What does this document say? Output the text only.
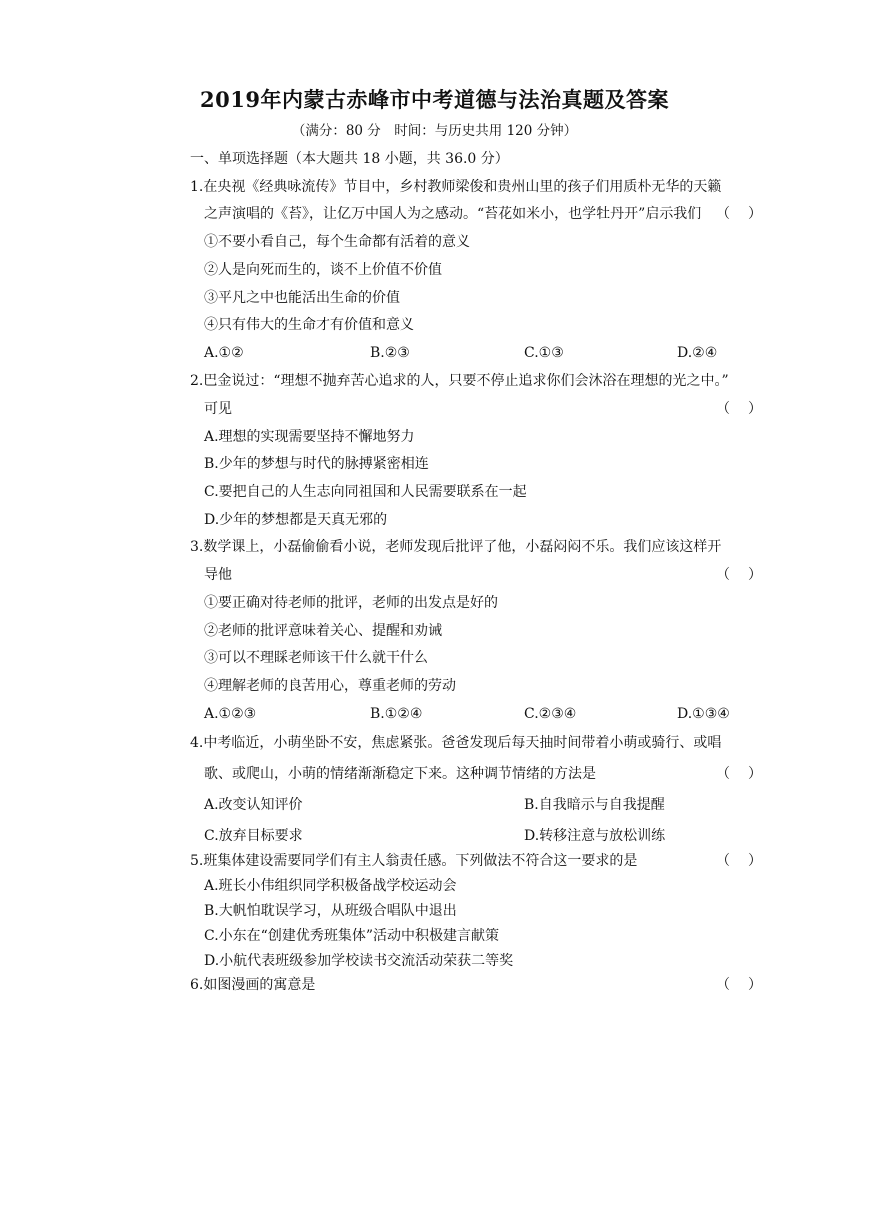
2019年内蒙古赤峰市中考道德与法治真题及答案
（满分：80 分　时间：与历史共用 120 分钟）
一、单项选择题（本大题共 18 小题，共 36.0 分）
1.在央视《经典咏流传》节目中，乡村教师梁俊和贵州山里的孩子们用质朴无华的天籁
之声演唱的《苔》，让亿万中国人为之感动。“苔花如米小，也学牡丹开”启示我们 （ ）
①不要小看自己，每个生命都有活着的意义
②人是向死而生的，谈不上价值不价值
③平凡之中也能活出生命的价值
④只有伟大的生命才有价值和意义
A.①②	B.②③	C.①③	D.②④
2.巴金说过：“理想不抛弃苦心追求的人，只要不停止追求你们会沐浴在理想的光之中。”
可见	（ ）
A.理想的实现需要坚持不懈地努力
B.少年的梦想与时代的脉搏紧密相连
C.要把自己的人生志向同祖国和人民需要联系在一起
D.少年的梦想都是天真无邪的
3.数学课上，小磊偷偷看小说，老师发现后批评了他，小磊闷闷不乐。我们应该这样开
导他	（ ）
①要正确对待老师的批评，老师的出发点是好的
②老师的批评意味着关心、提醒和劝诫
③可以不理睬老师该干什么就干什么
④理解老师的良苦用心，尊重老师的劳动
A.①②③	B.①②④	C.②③④	D.①③④
4.中考临近，小萌坐卧不安，焦虑紧张。爸爸发现后每天抽时间带着小萌或骑行、或唱
歌、或爬山，小萌的情绪渐渐稳定下来。这种调节情绪的方法是	（ ）
A.改变认知评价	B.自我暗示与自我提醒
C.放弃目标要求	D.转移注意与放松训练
5.班集体建设需要同学们有主人翁责任感。下列做法不符合这一要求的是	（ ）
A.班长小伟组织同学积极备战学校运动会
B.大帆怕耽误学习，从班级合唱队中退出
C.小东在“创建优秀班集体”活动中积极建言献策
D.小航代表班级参加学校读书交流活动荣获二等奖
6.如图漫画的寓意是	（ ）
